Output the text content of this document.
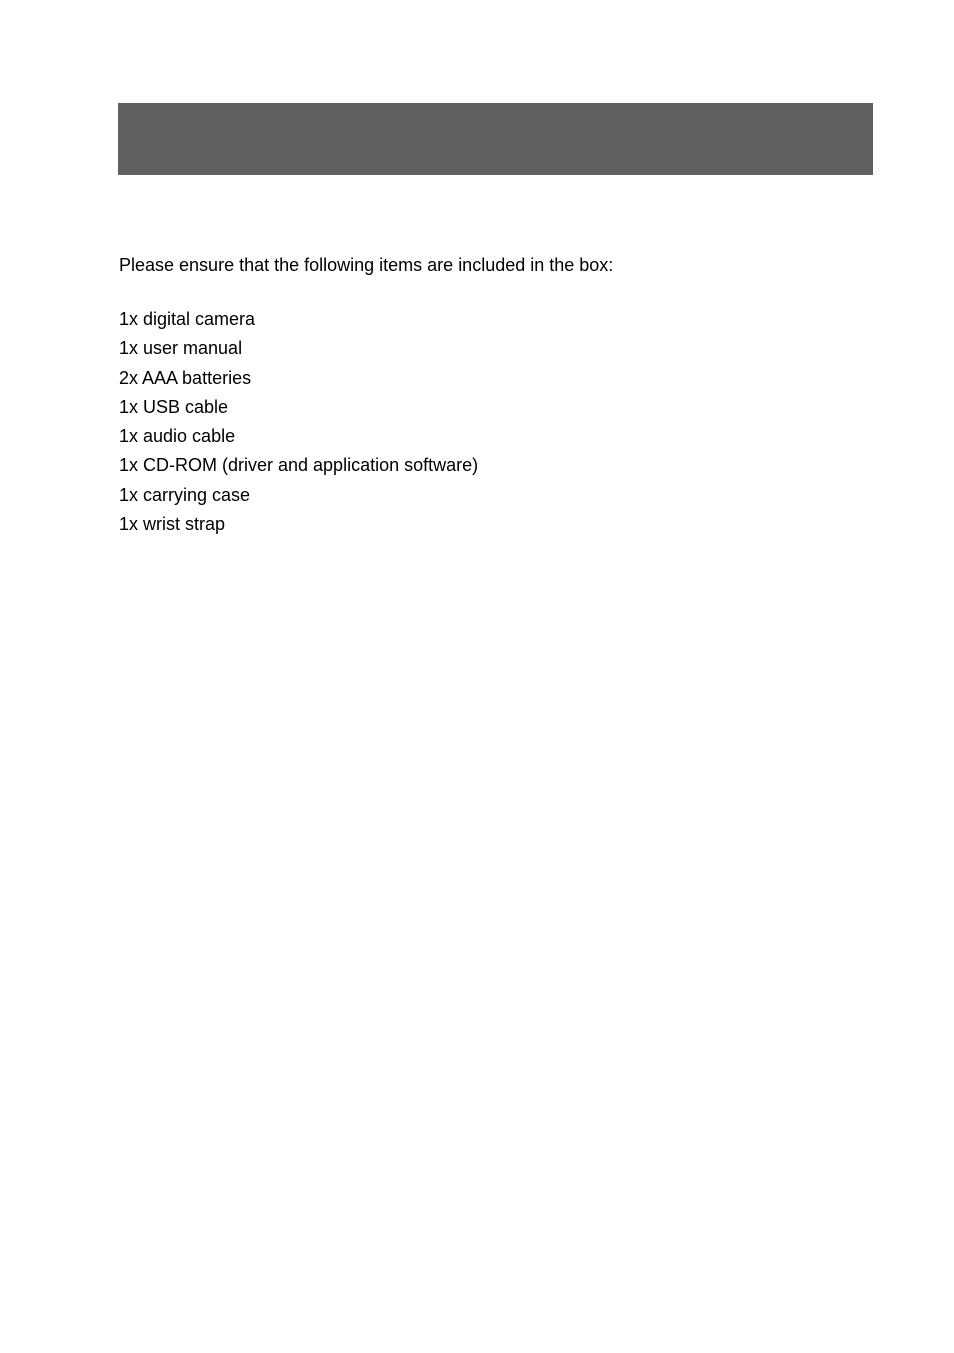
Please ensure that the following items are included in the box:

1x digital camera
1x user manual
2x AAA batteries
1x USB cable
1x audio cable
1x CD-ROM (driver and application software)
1x carrying case
1x wrist strap
